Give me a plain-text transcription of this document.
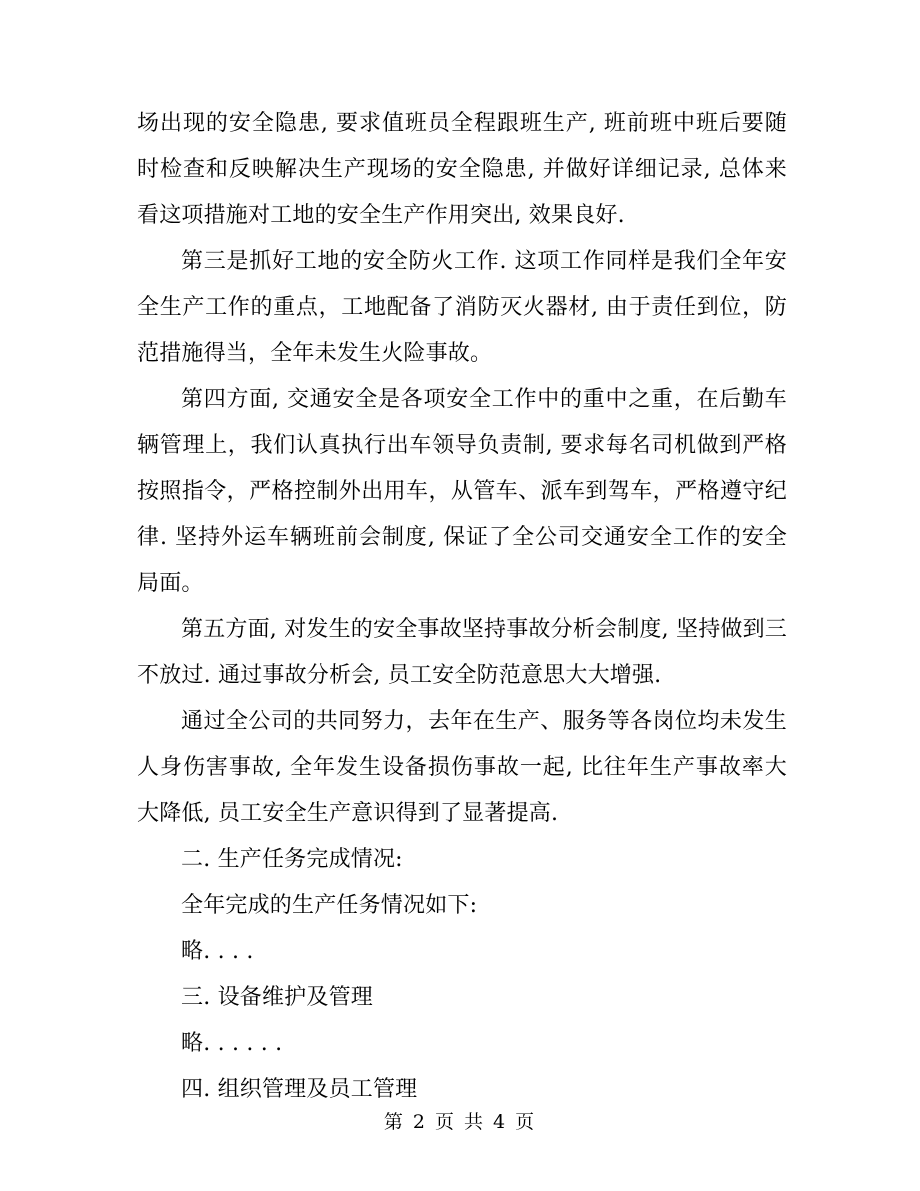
场出现的安全隐患, 要求值班员全程跟班生产, 班前班中班后要随时检查和反映解决生产现场的安全隐患, 并做好详细记录, 总体来看这项措施对工地的安全生产作用突出, 效果良好.

第三是抓好工地的安全防火工作. 这项工作同样是我们全年安全生产工作的重点，工地配备了消防灭火器材, 由于责任到位，防范措施得当，全年未发生火险事故。

第四方面, 交通安全是各项安全工作中的重中之重，在后勤车辆管理上，我们认真执行出车领导负责制, 要求每名司机做到严格按照指令，严格控制外出用车，从管车、派车到驾车，严格遵守纪律. 坚持外运车辆班前会制度, 保证了全公司交通安全工作的安全局面。

第五方面, 对发生的安全事故坚持事故分析会制度, 坚持做到三不放过. 通过事故分析会, 员工安全防范意思大大增强.

通过全公司的共同努力，去年在生产、服务等各岗位均未发生人身伤害事故, 全年发生设备损伤事故一起, 比往年生产事故率大大降低, 员工安全生产意识得到了显著提高.

二. 生产任务完成情况:

全年完成的生产任务情况如下:

略. . . .

三. 设备维护及管理

略. . . . . .

四. 组织管理及员工管理

第 2 页 共 4 页
